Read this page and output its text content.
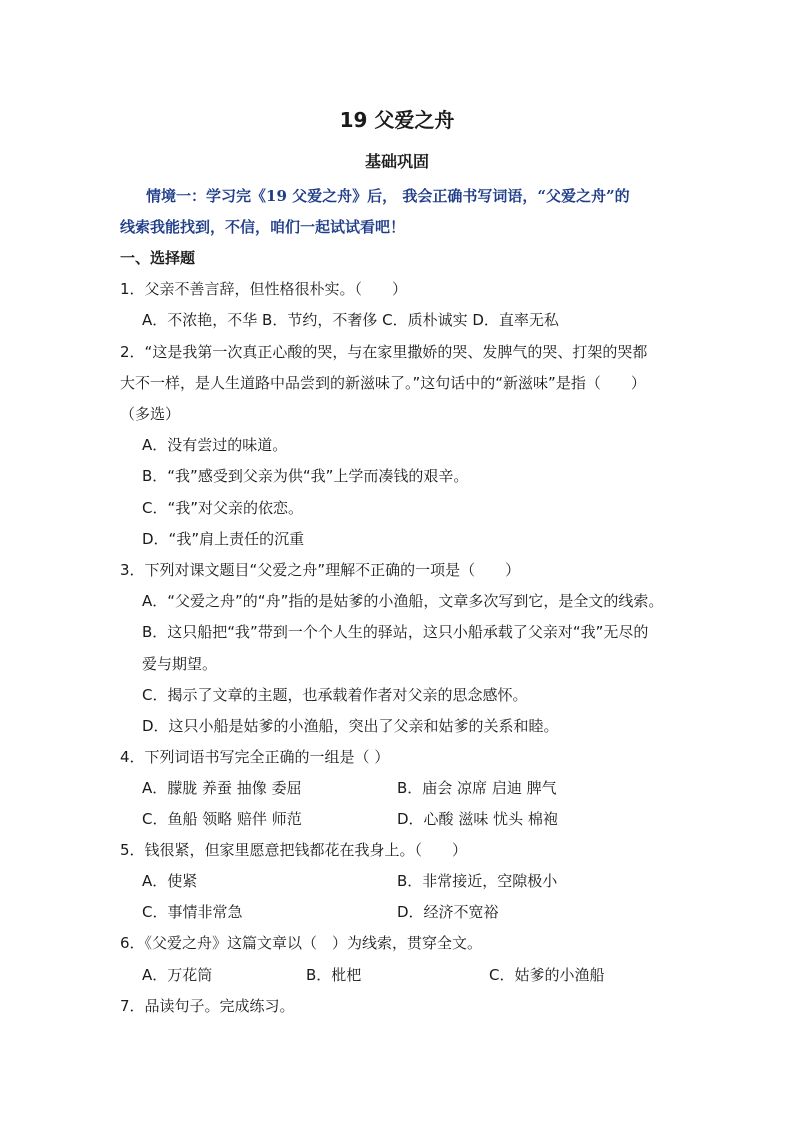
19 父爱之舟
基础巩固
情境一：学习完《19 父爱之舟》后， 我会正确书写词语，“父爱之舟”的
线索我能找到，不信，咱们一起试试看吧！
一、选择题
1．父亲不善言辞，但性格很朴实。（　　）
A．不浓艳，不华 B．节约，不奢侈 C．质朴诚实 D．直率无私
2．“这是我第一次真正心酸的哭，与在家里撒娇的哭、发脾气的哭、打架的哭都
大不一样，是人生道路中品尝到的新滋味了。”这句话中的“新滋味”是指（　　）
（多选）
A．没有尝过的味道。
B．“我”感受到父亲为供“我”上学而凑钱的艰辛。
C．“我”对父亲的依恋。
D．“我”肩上责任的沉重
3．下列对课文题目“父爱之舟”理解不正确的一项是（　　）
A．“父爱之舟”的“舟”指的是姑爹的小渔船，文章多次写到它，是全文的线索。
B．这只船把“我”带到一个个人生的驿站，这只小船承载了父亲对“我”无尽的
爱与期望。
C．揭示了文章的主题，也承载着作者对父亲的思念感怀。
D．这只小船是姑爹的小渔船，突出了父亲和姑爹的关系和睦。
4．下列词语书写完全正确的一组是（ ）
A．朦胧 养蚕 抽像 委屈	B．庙会 凉席 启迪 脾气
C．鱼船 领略 赔伴 师范	D．心酸 滋味 忧头 棉袍
5．钱很紧，但家里愿意把钱都花在我身上。（　　）
A．使紧	B．非常接近，空隙极小
C．事情非常急	D．经济不宽裕
6．《父爱之舟》这篇文章以（　）为线索，贯穿全文。
A．万花筒	B．枇杷	C．姑爹的小渔船
7．品读句子。完成练习。
